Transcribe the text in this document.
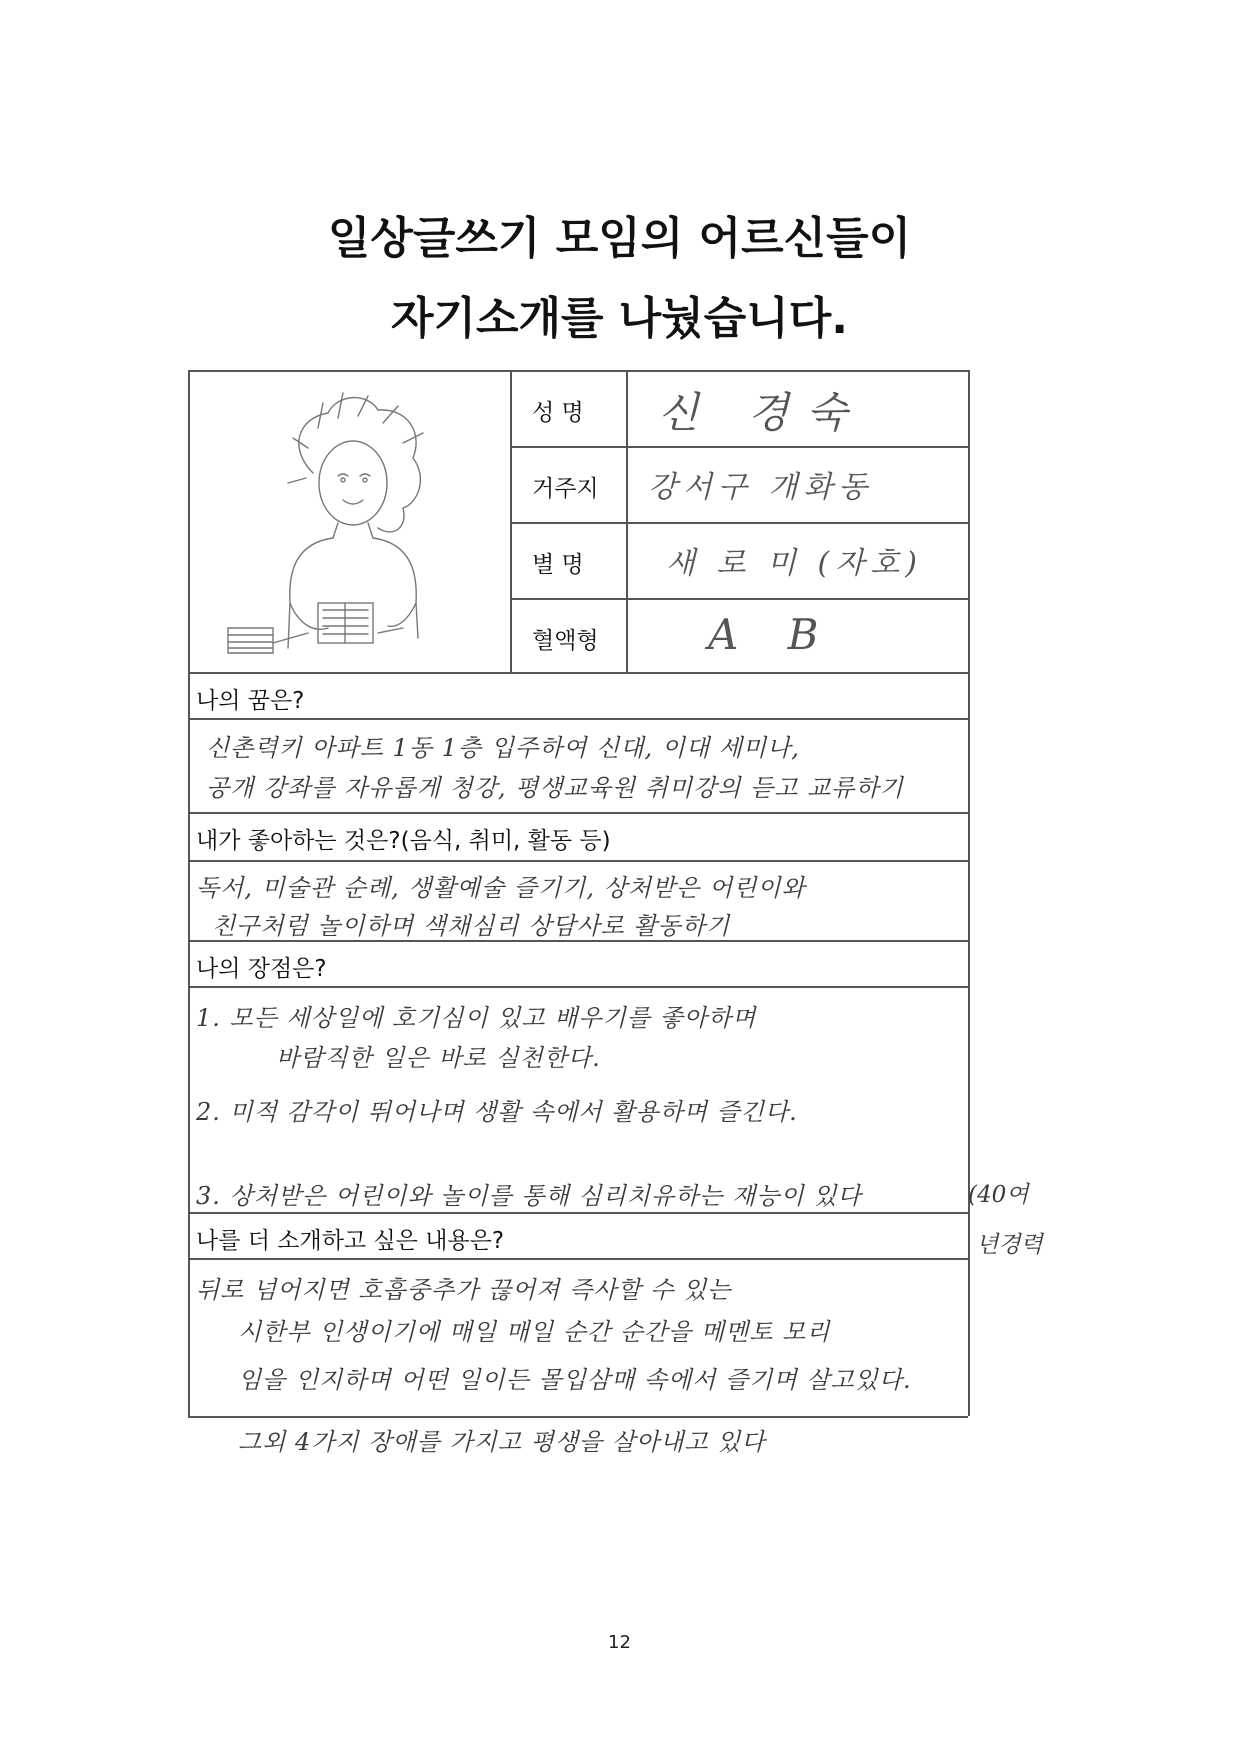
일상글쓰기 모임의 어르신들이
자기소개를 나눴습니다.
성 명 신 경숙
거주지 강서구 개화동
별 명	새 로 미 (자호)
혈액형	A B
나의 꿈은?
신촌력키 아파트 1동 1층 입주하여 신대, 이대 세미나,
공개 강좌를 자유롭게 청강, 평생교육원 취미강의 듣고 교류하기
내가 좋아하는 것은?(음식, 취미, 활동 등)
독서, 미술관 순례, 생활예술 즐기기, 상처받은 어린이와
친구처럼 놀이하며 색채심리 상담사로 활동하기
나의 장점은?
1. 모든 세상일에 호기심이 있고 배우기를 좋아하며
바람직한 일은 바로 실천한다.
2. 미적 감각이 뛰어나며 생활 속에서 활용하며 즐긴다.
3. 상처받은 어린이와 놀이를 통해 심리치유하는 재능이 있다
나를 더 소개하고 싶은 내용은?
뒤로 넘어지면 호흡중추가 끊어져 즉사할 수 있는
시한부 인생이기에 매일 매일 순간 순간을 메멘토 모리
임을 인지하며 어떤 일이든 몰입삼매 속에서 즐기며 살고있다.
그외 4가지 장애를 가지고 평생을 살아내고 있다
(40여
년경력
12
